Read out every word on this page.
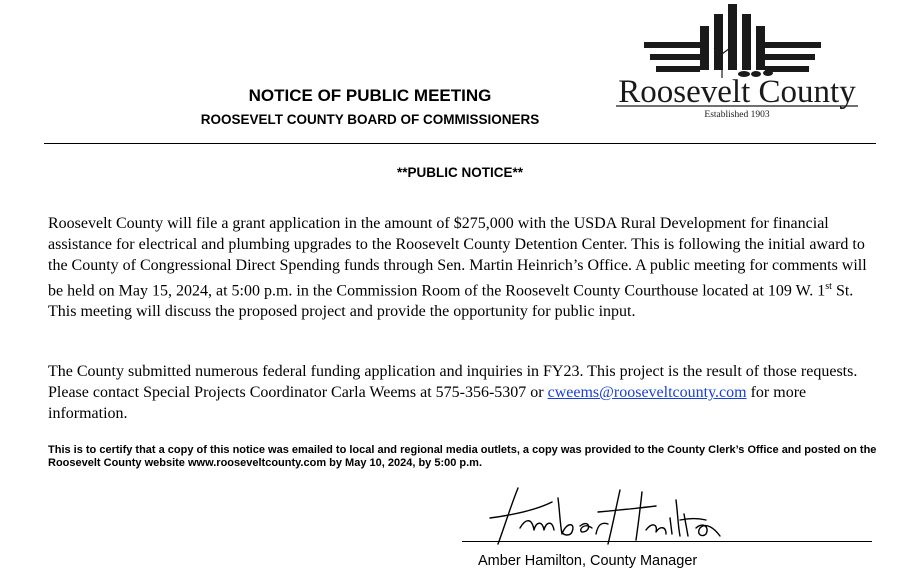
NOTICE OF PUBLIC MEETING
ROOSEVELT COUNTY BOARD OF COMMISSIONERS
Roosevelt County
Established 1903

**PUBLIC NOTICE**

Roosevelt County will file a grant application in the amount of $275,000 with the USDA Rural Development for financial assistance for electrical and plumbing upgrades to the Roosevelt County Detention Center. This is following the initial award to the County of Congressional Direct Spending funds through Sen. Martin Heinrich’s Office. A public meeting for comments will be held on May 15, 2024, at 5:00 p.m. in the Commission Room of the Roosevelt County Courthouse located at 109 W. 1st St. This meeting will discuss the proposed project and provide the opportunity for public input.

The County submitted numerous federal funding application and inquiries in FY23. This project is the result of those requests. Please contact Special Projects Coordinator Carla Weems at 575-356-5307 or cweems@rooseveltcounty.com for more information.

This is to certify that a copy of this notice was emailed to local and regional media outlets, a copy was provided to the County Clerk’s Office and posted on the Roosevelt County website www.rooseveltcounty.com by May 10, 2024, by 5:00 p.m.

Amber Hamilton, County Manager
